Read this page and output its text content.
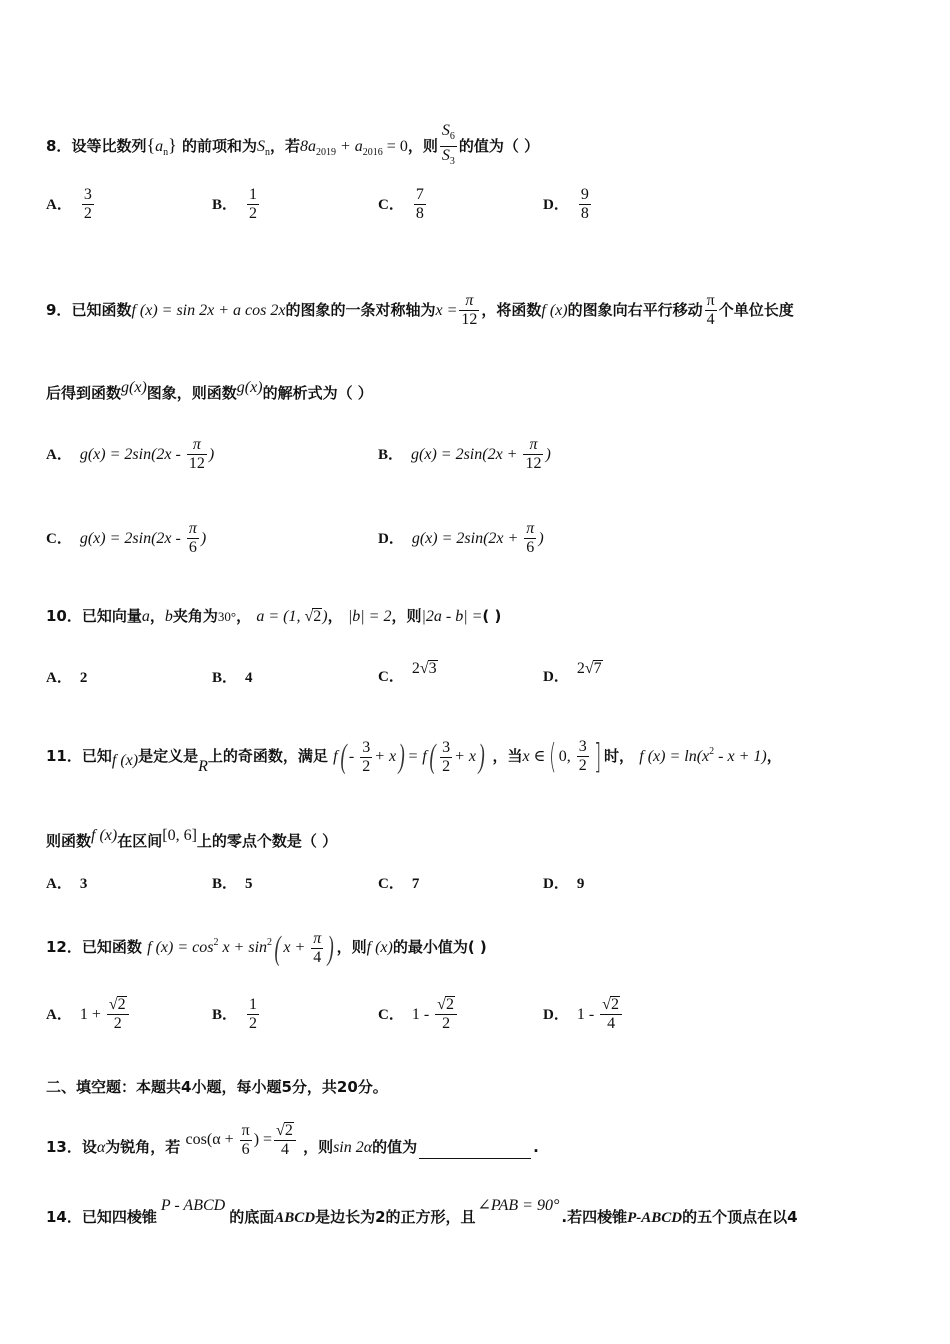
8．设等比数列$\{a_n\}$ 的前项和为$S_n$，若$8a_{2019} + a_{2016} = 0$，则 $\frac{S_6}{S_3}$ 的值为（ ）
A． $\frac{3}{2}$	B． $\frac{1}{2}$	C． $\frac{7}{8}$	D． $\frac{9}{8}$
9．已知函数f (x) = sin 2x + a cos 2x的图象的一条对称轴为$x = \frac{\pi}{12}$ ，将函数f (x)的图象向右平行移动 $\frac{\pi}{4}$ 个单位长度
后得到函数g(x)图象，则函数g(x)的解析式为（ ）
A． $g(x) = 2\sin(2x - \frac{\pi}{12}$ )	B． $g(x) = 2\sin(2x + \frac{\pi}{12}$ )
C． $g(x) = 2\sin(2x - \frac{\pi}{6}$ )	D． $g(x) = 2\sin(2x + \frac{\pi}{6}$ )
10．已知向量a，b夹角为30°， a = (1, √2)， |b| = 2，则|2a - b| =( )
A． 2	B． 4	C． 2√3	D． 2√7
11．已知f (x)是定义是R上的奇函数，满足 $f( - \frac{3}{2} + x) = f( \frac{3}{2} + x)$ ，当x ∈( 0, $\frac{3}{2}$ ] 时， f $(x) = \ln(x^2 - x + 1)$，
则函数f (x)在区间[0, 6]上的零点个数是（ ）
A． 3	B． 5	C． 7	D． 9
12．已知函数 f $(x) = \cos^2 x + \sin^2$( $x + \frac{\pi}{4}$ ) ，则f (x)的最小值为( )
A． $1 + \frac{√2}{2}$	B． $\frac{1}{2}$	C． $1 - \frac{√2}{2}$	D． $1 - \frac{√2}{4}$
二、填空题：本题共4小题，每小题5分，共20分。
13．设α为锐角，若 $\cos(\alpha + \frac{\pi}{6}$ ) = $\frac{√2}{4}$ ，则sin 2α的值为	.
14．已知四棱锥P - ABCD的底面ABCD是边长为2的正方形，且∠PAB = 90°.若四棱锥P-ABCD的五个顶点在以4
